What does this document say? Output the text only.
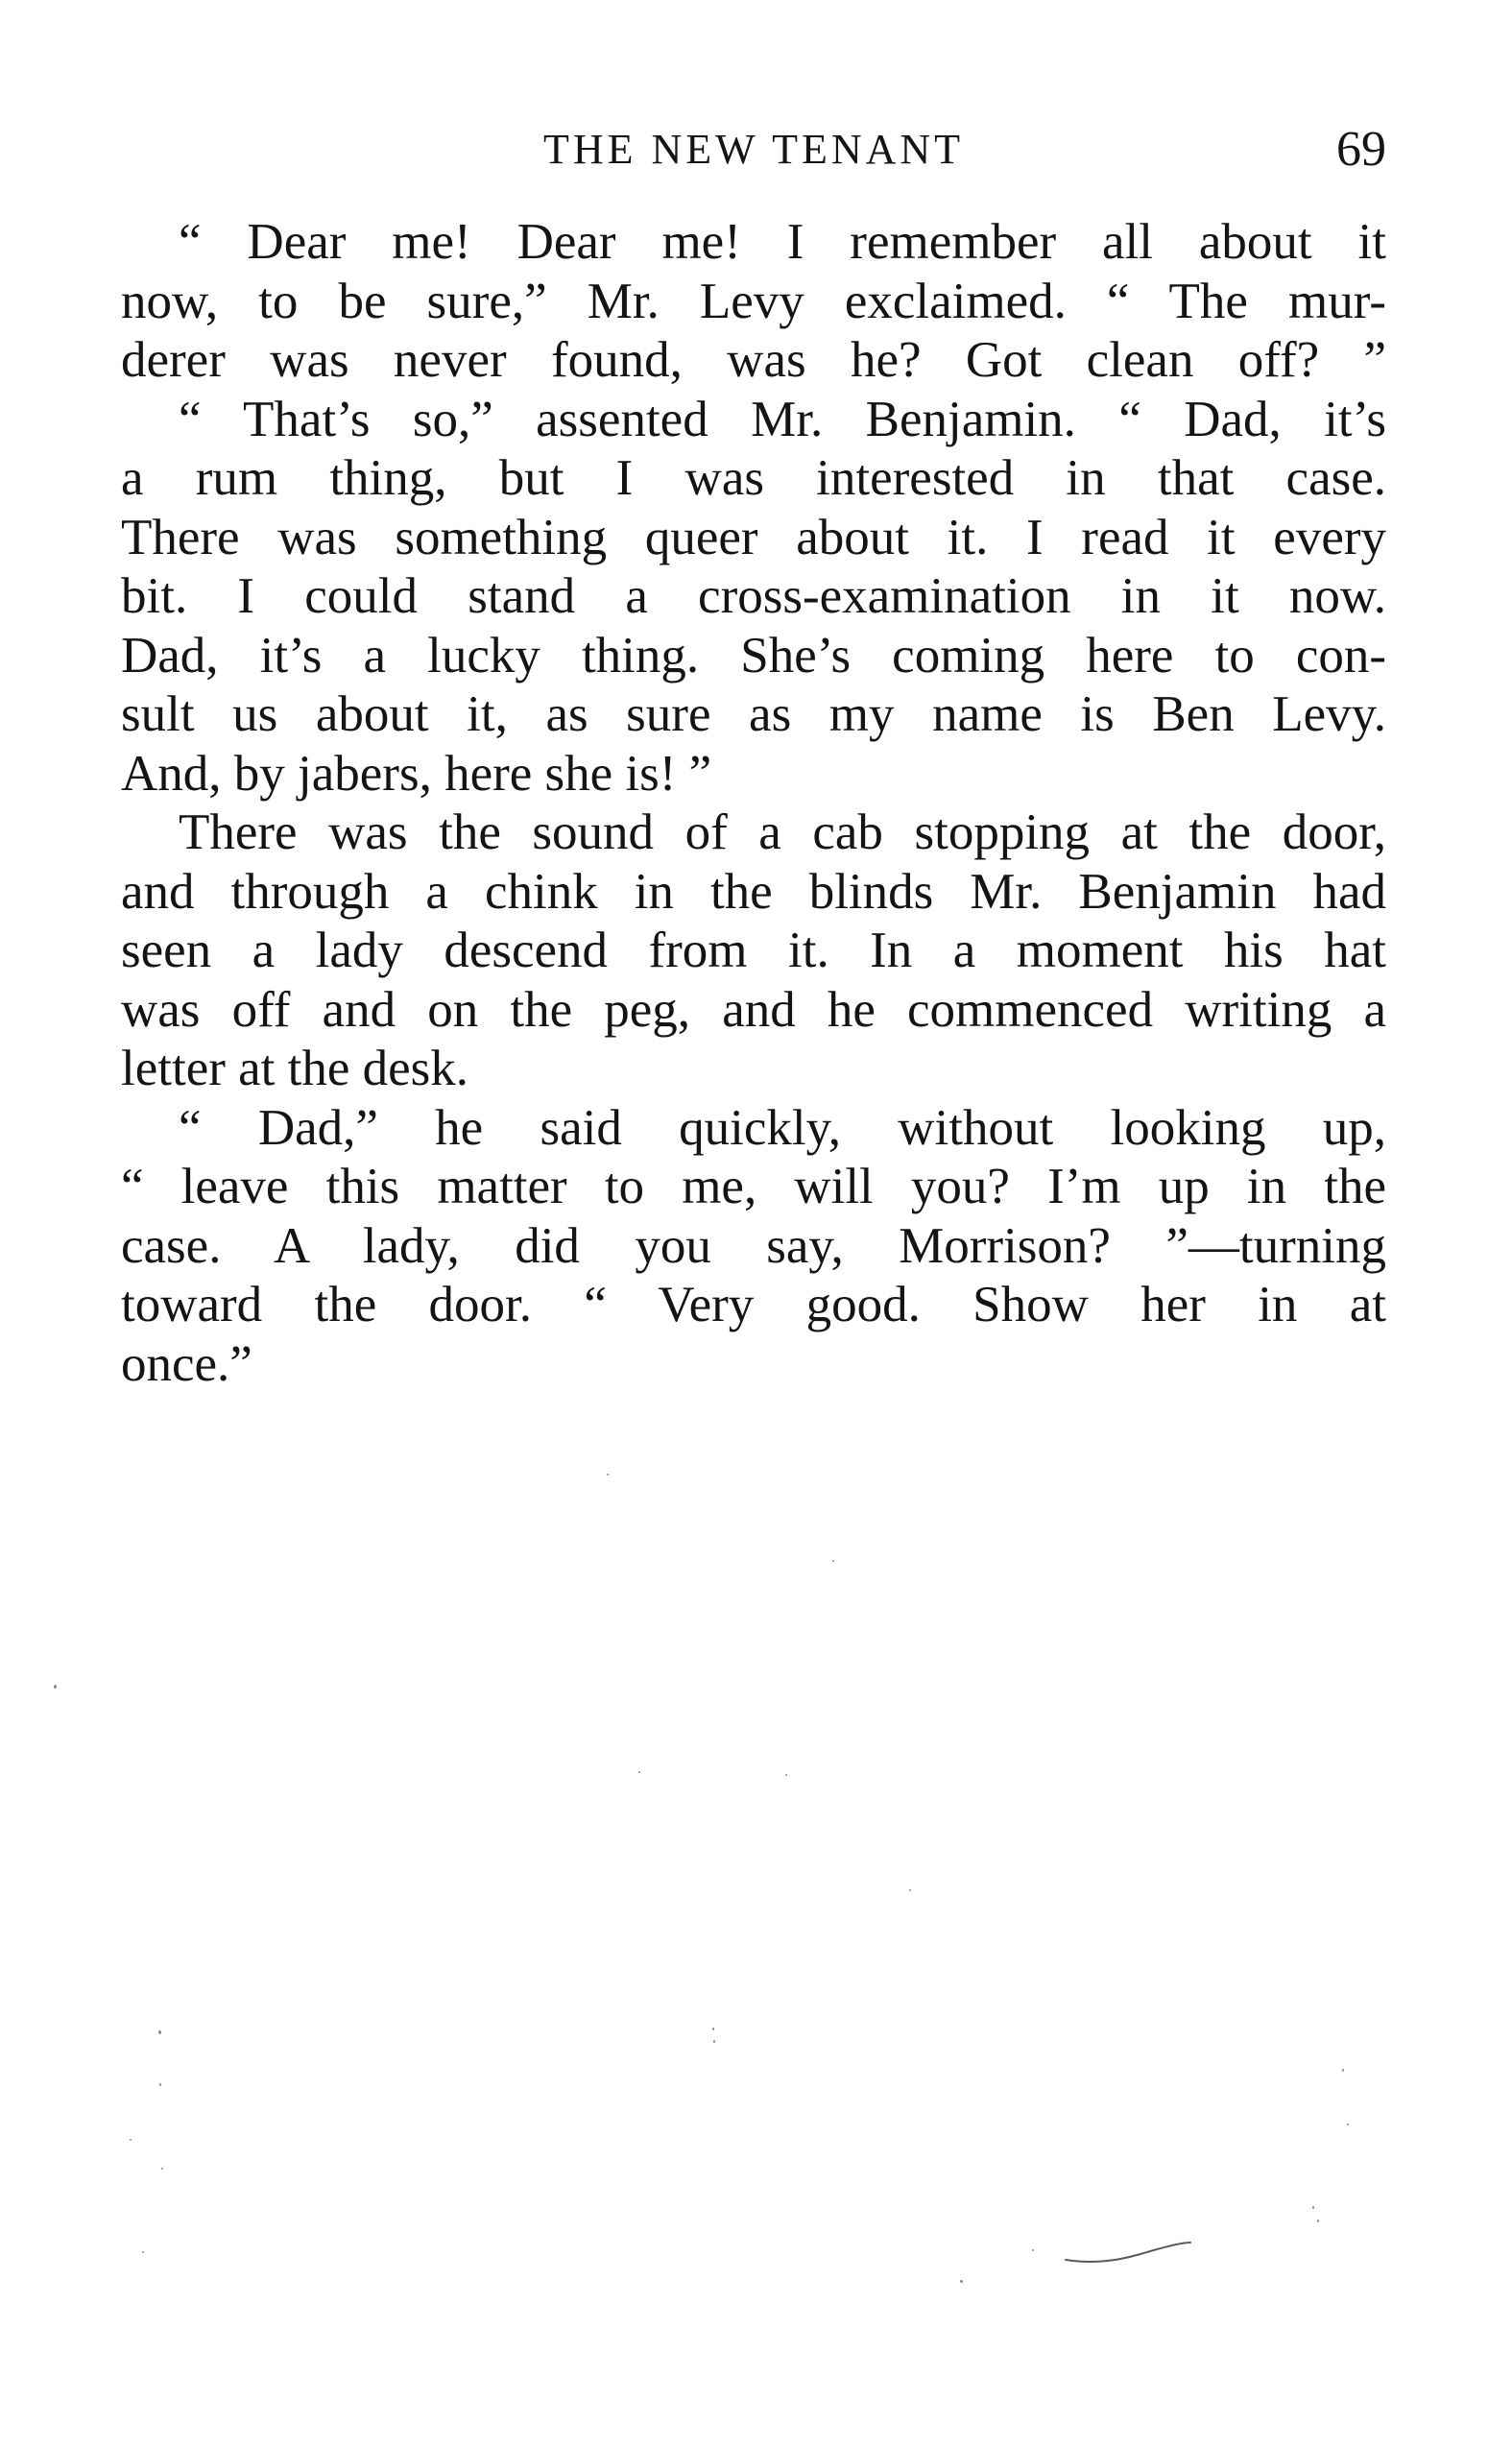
THE NEW TENANT	69
“ Dear me! Dear me! I remember all about it
now, to be sure,” Mr. Levy exclaimed. “ The mur-
derer was never found, was he? Got clean off? ”
“ That’s so,” assented Mr. Benjamin. “ Dad, it’s
a rum thing, but I was interested in that case.
There was something queer about it. I read it every
bit. I could stand a cross-examination in it now.
Dad, it’s a lucky thing. She’s coming here to con-
sult us about it, as sure as my name is Ben Levy.
And, by jabers, here she is! ”
There was the sound of a cab stopping at the door,
and through a chink in the blinds Mr. Benjamin had
seen a lady descend from it. In a moment his hat
was off and on the peg, and he commenced writing a
letter at the desk.
“ Dad,” he said quickly, without looking up,
“ leave this matter to me, will you? I’m up in the
case. A lady, did you say, Morrison? ”—turning
toward the door. “ Very good. Show her in at
once.”
